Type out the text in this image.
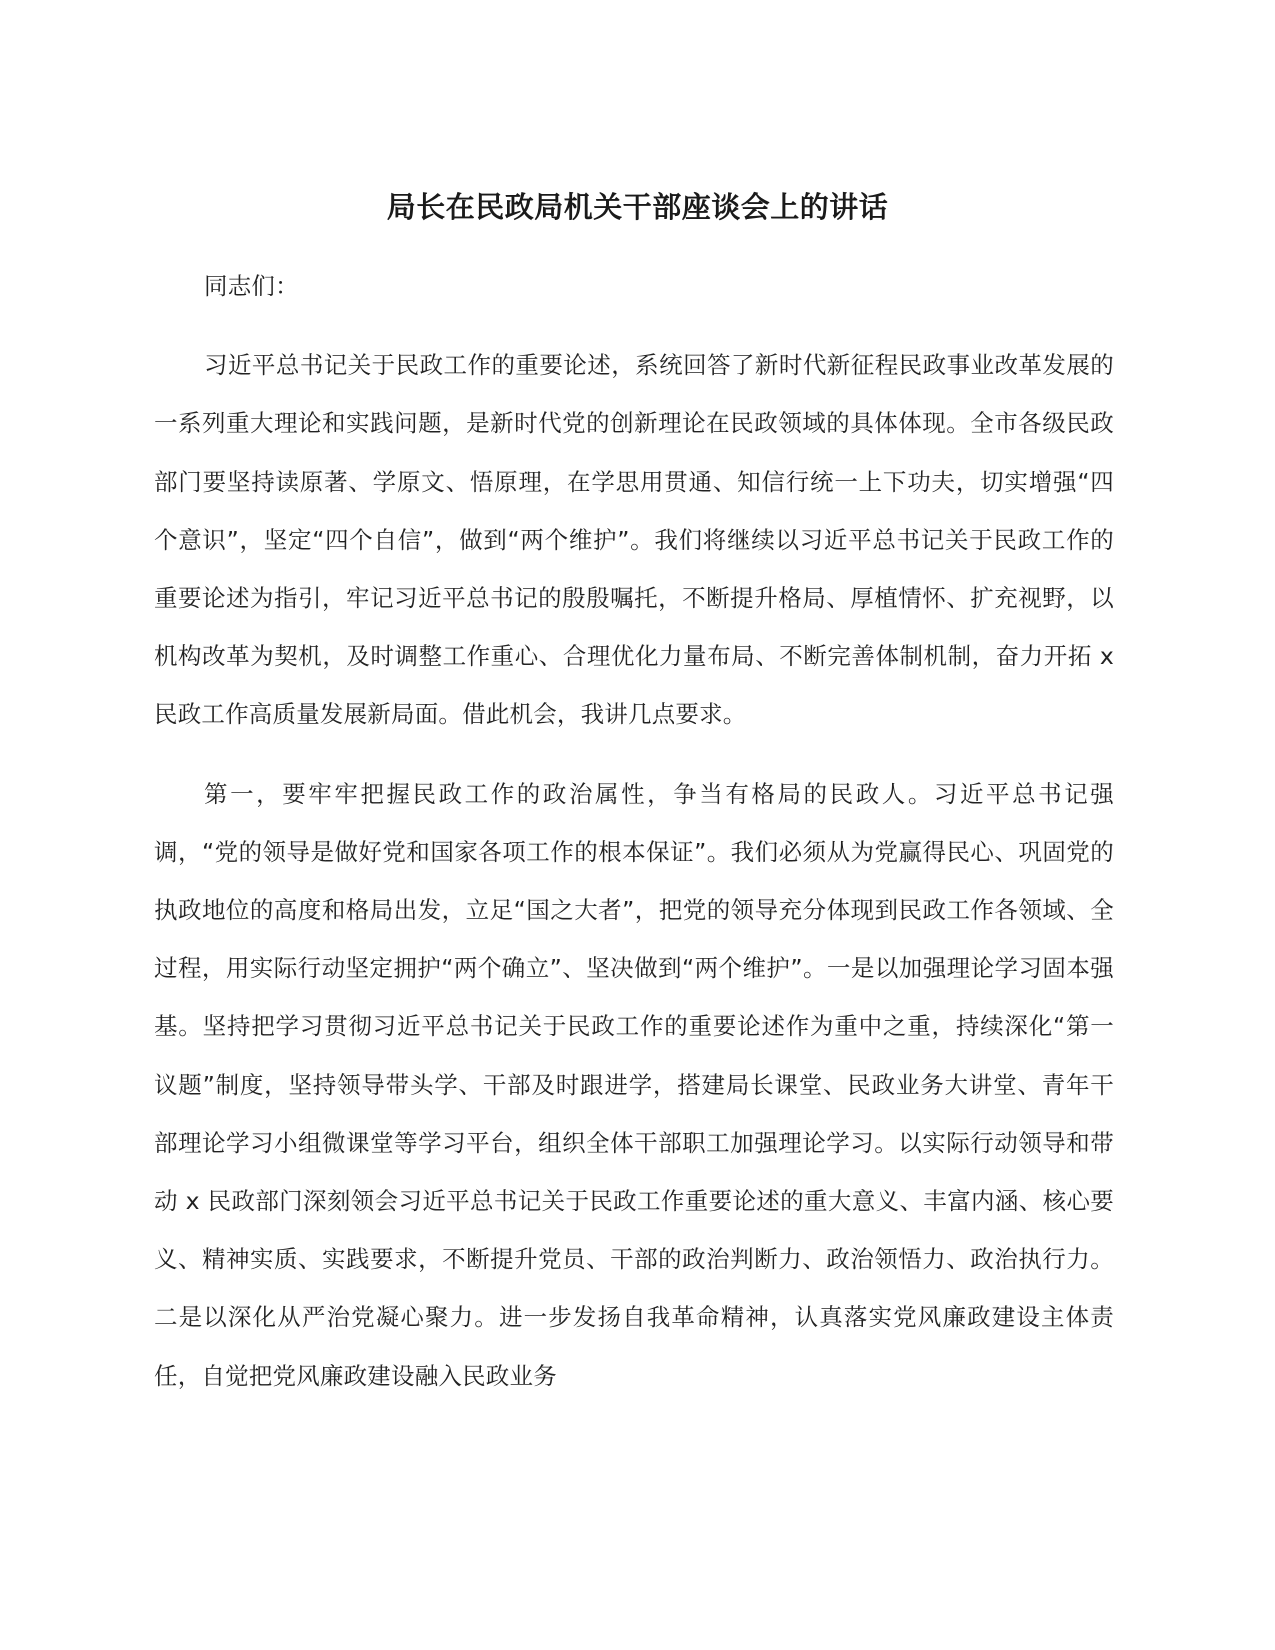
局长在民政局机关干部座谈会上的讲话

同志们：

习近平总书记关于民政工作的重要论述，系统回答了新时代新征程民政事业改革发展的一系列重大理论和实践问题，是新时代党的创新理论在民政领域的具体体现。全市各级民政部门要坚持读原著、学原文、悟原理，在学思用贯通、知信行统一上下功夫，切实增强“四个意识”，坚定“四个自信”，做到“两个维护”。我们将继续以习近平总书记关于民政工作的重要论述为指引，牢记习近平总书记的殷殷嘱托，不断提升格局、厚植情怀、扩充视野，以机构改革为契机，及时调整工作重心、合理优化力量布局、不断完善体制机制，奋力开拓 x 民政工作高质量发展新局面。借此机会，我讲几点要求。

第一，要牢牢把握民政工作的政治属性，争当有格局的民政人。习近平总书记强调，“党的领导是做好党和国家各项工作的根本保证”。我们必须从为党赢得民心、巩固党的执政地位的高度和格局出发，立足“国之大者”，把党的领导充分体现到民政工作各领域、全过程，用实际行动坚定拥护“两个确立”、坚决做到“两个维护”。一是以加强理论学习固本强基。坚持把学习贯彻习近平总书记关于民政工作的重要论述作为重中之重，持续深化“第一议题”制度，坚持领导带头学、干部及时跟进学，搭建局长课堂、民政业务大讲堂、青年干部理论学习小组微课堂等学习平台，组织全体干部职工加强理论学习。以实际行动领导和带动 x 民政部门深刻领会习近平总书记关于民政工作重要论述的重大意义、丰富内涵、核心要义、精神实质、实践要求，不断提升党员、干部的政治判断力、政治领悟力、政治执行力。二是以深化从严治党凝心聚力。进一步发扬自我革命精神，认真落实党风廉政建设主体责任，自觉把党风廉政建设融入民政业务
